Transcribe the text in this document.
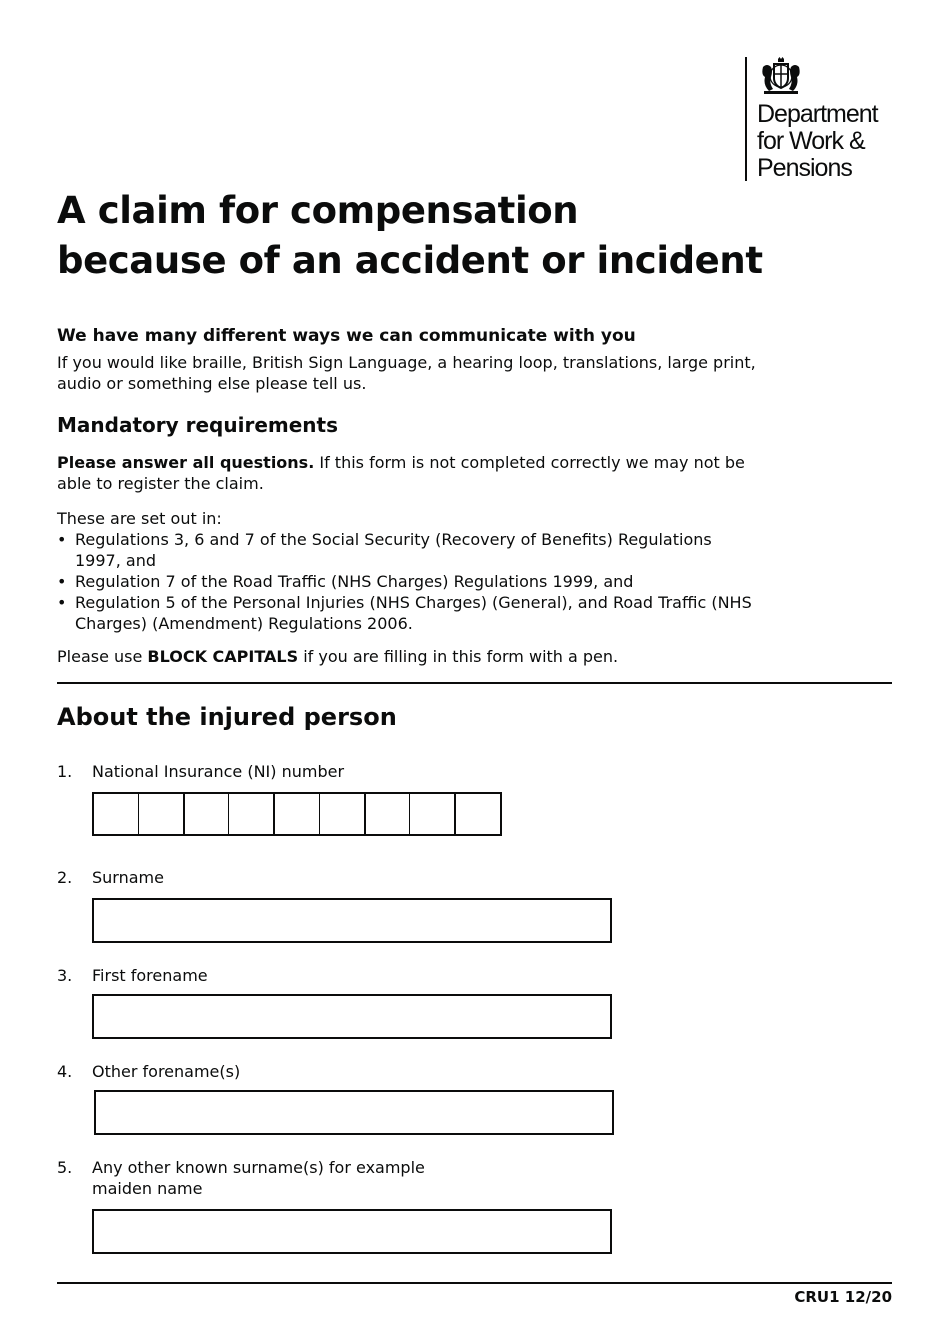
Department
for Work &
Pensions
A claim for compensation
because of an accident or incident

We have many different ways we can communicate with you

If you would like braille, British Sign Language, a hearing loop, translations, large print, audio or something else please tell us.

Mandatory requirements

Please answer all questions. If this form is not completed correctly we may not be able to register the claim.

These are set out in:

• Regulations 3, 6 and 7 of the Social Security (Recovery of Benefits) Regulations 1997, and
• Regulation 7 of the Road Traffic (NHS Charges) Regulations 1999, and
• Regulation 5 of the Personal Injuries (NHS Charges) (General), and Road Traffic (NHS Charges) (Amendment) Regulations 2006.

Please use BLOCK CAPITALS if you are filling in this form with a pen.

About the injured person

1. National Insurance (NI) number
2. Surname
3. First forename
4. Other forename(s)
5. Any other known surname(s) for example maiden name
CRU1 12/20
